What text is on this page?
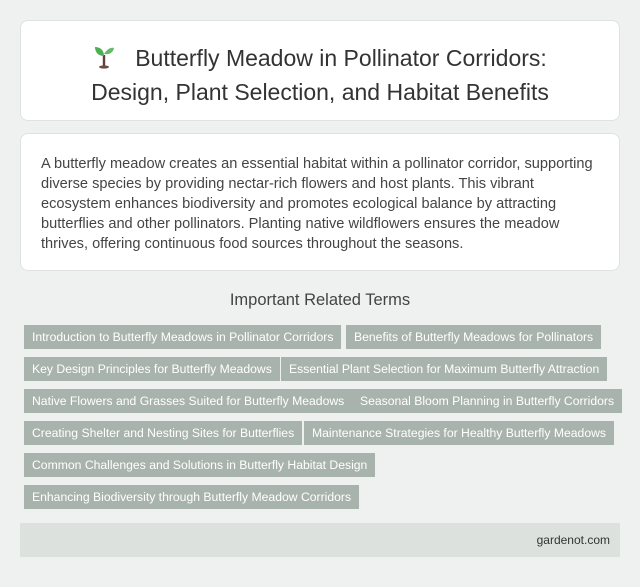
Butterfly Meadow in Pollinator Corridors:
Design, Plant Selection, and Habitat Benefits
A butterfly meadow creates an essential habitat within a pollinator corridor, supporting diverse species by providing nectar-rich flowers and host plants. This vibrant ecosystem enhances biodiversity and promotes ecological balance by attracting butterflies and other pollinators. Planting native wildflowers ensures the meadow thrives, offering continuous food sources throughout the seasons.
Important Related Terms
Introduction to Butterfly Meadows in Pollinator Corridors	Benefits of Butterfly Meadows for Pollinators
Key Design Principles for Butterfly Meadows	Essential Plant Selection for Maximum Butterfly Attraction
Native Flowers and Grasses Suited for Butterfly Meadows	Seasonal Bloom Planning in Butterfly Corridors
Creating Shelter and Nesting Sites for Butterflies	Maintenance Strategies for Healthy Butterfly Meadows
Common Challenges and Solutions in Butterfly Habitat Design
Enhancing Biodiversity through Butterfly Meadow Corridors
gardenot.com
